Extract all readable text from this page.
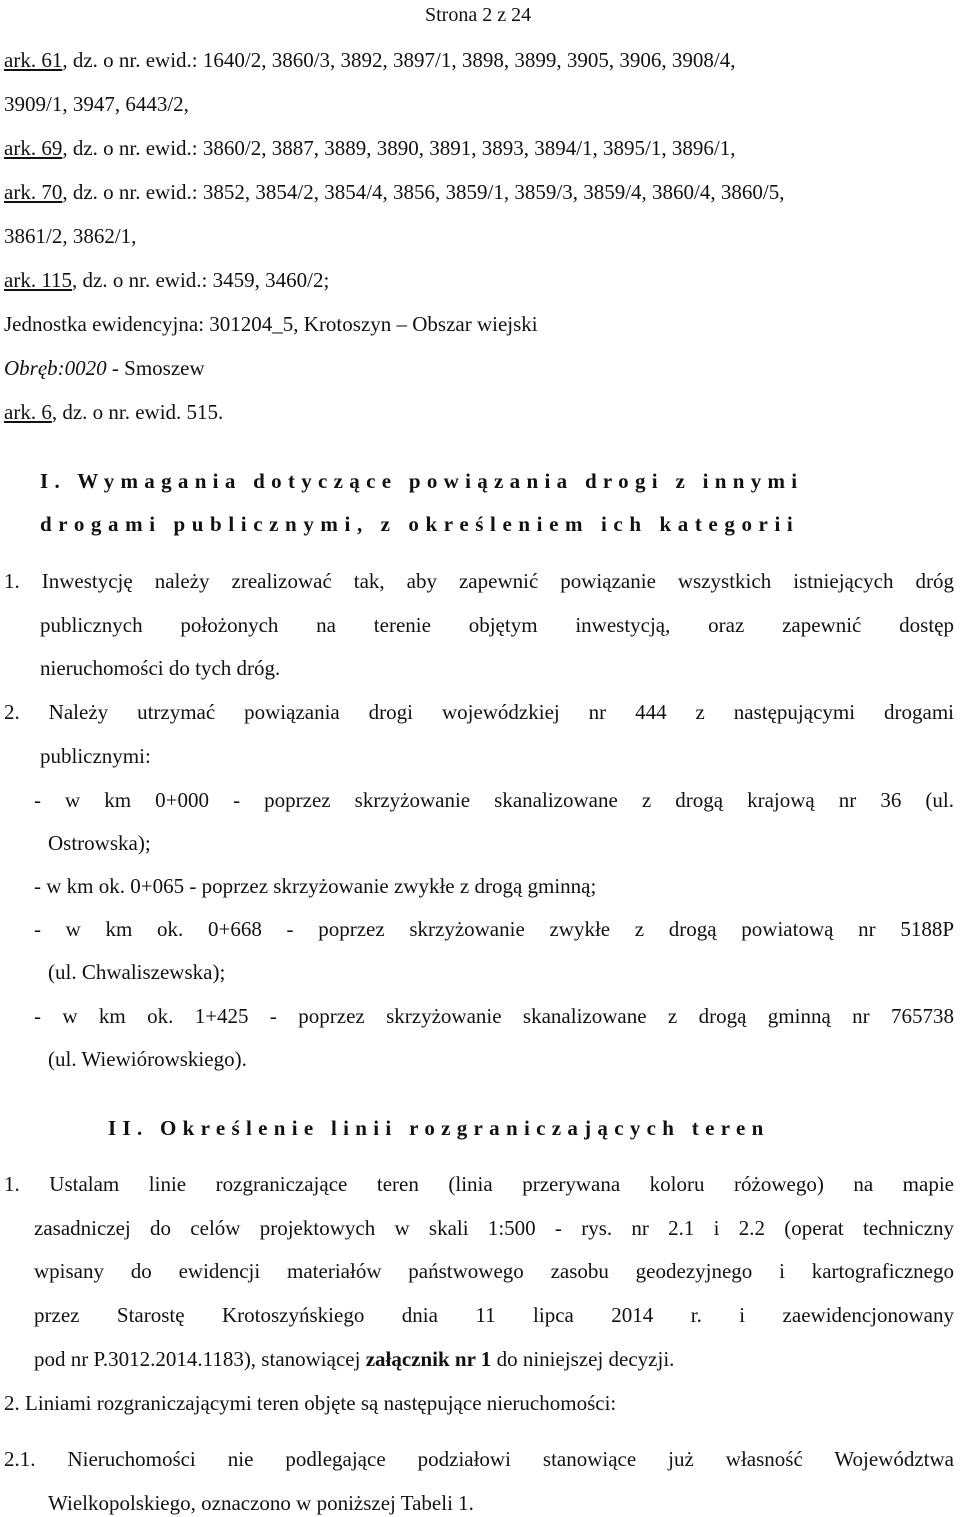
Strona 2 z 24
ark. 61, dz. o nr. ewid.: 1640/2, 3860/3, 3892, 3897/1, 3898, 3899, 3905, 3906, 3908/4,
3909/1, 3947, 6443/2,
ark. 69, dz. o nr. ewid.: 3860/2, 3887, 3889, 3890, 3891, 3893, 3894/1, 3895/1, 3896/1,
ark. 70, dz. o nr. ewid.: 3852, 3854/2, 3854/4, 3856, 3859/1, 3859/3, 3859/4, 3860/4, 3860/5,
3861/2, 3862/1,
ark. 115, dz. o nr. ewid.: 3459, 3460/2;
Jednostka ewidencyjna: 301204_5, Krotoszyn – Obszar wiejski
Obręb:0020 - Smoszew
ark. 6, dz. o nr. ewid. 515.
I. Wymagania dotyczące powiązania drogi z innymi
drogami publicznymi, z określeniem ich kategorii
1. Inwestycję należy zrealizować tak, aby zapewnić powiązanie wszystkich istniejących dróg
publicznych położonych na terenie objętym inwestycją, oraz zapewnić dostęp
nieruchomości do tych dróg.
2. Należy utrzymać powiązania drogi wojewódzkiej nr 444 z następującymi drogami
publicznymi:
- w km 0+000 - poprzez skrzyżowanie skanalizowane z drogą krajową nr 36 (ul.
Ostrowska);
- w km ok. 0+065 - poprzez skrzyżowanie zwykłe z drogą gminną;
- w km ok. 0+668 - poprzez skrzyżowanie zwykłe z drogą powiatową nr 5188P
(ul. Chwaliszewska);
- w km ok. 1+425 - poprzez skrzyżowanie skanalizowane z drogą gminną nr 765738
(ul. Wiewiórowskiego).
II. Określenie linii rozgraniczających teren
1. Ustalam linie rozgraniczające teren (linia przerywana koloru różowego) na mapie
zasadniczej do celów projektowych w skali 1:500 - rys. nr 2.1 i 2.2 (operat techniczny
wpisany do ewidencji materiałów państwowego zasobu geodezyjnego i kartograficznego
przez Starostę Krotoszyńskiego dnia 11 lipca 2014 r. i zaewidencjonowany
pod nr P.3012.2014.1183), stanowiącej załącznik nr 1 do niniejszej decyzji.
2. Liniami rozgraniczającymi teren objęte są następujące nieruchomości:
2.1. Nieruchomości nie podlegające podziałowi stanowiące już własność Województwa
Wielkopolskiego, oznaczono w poniższej Tabeli 1.
